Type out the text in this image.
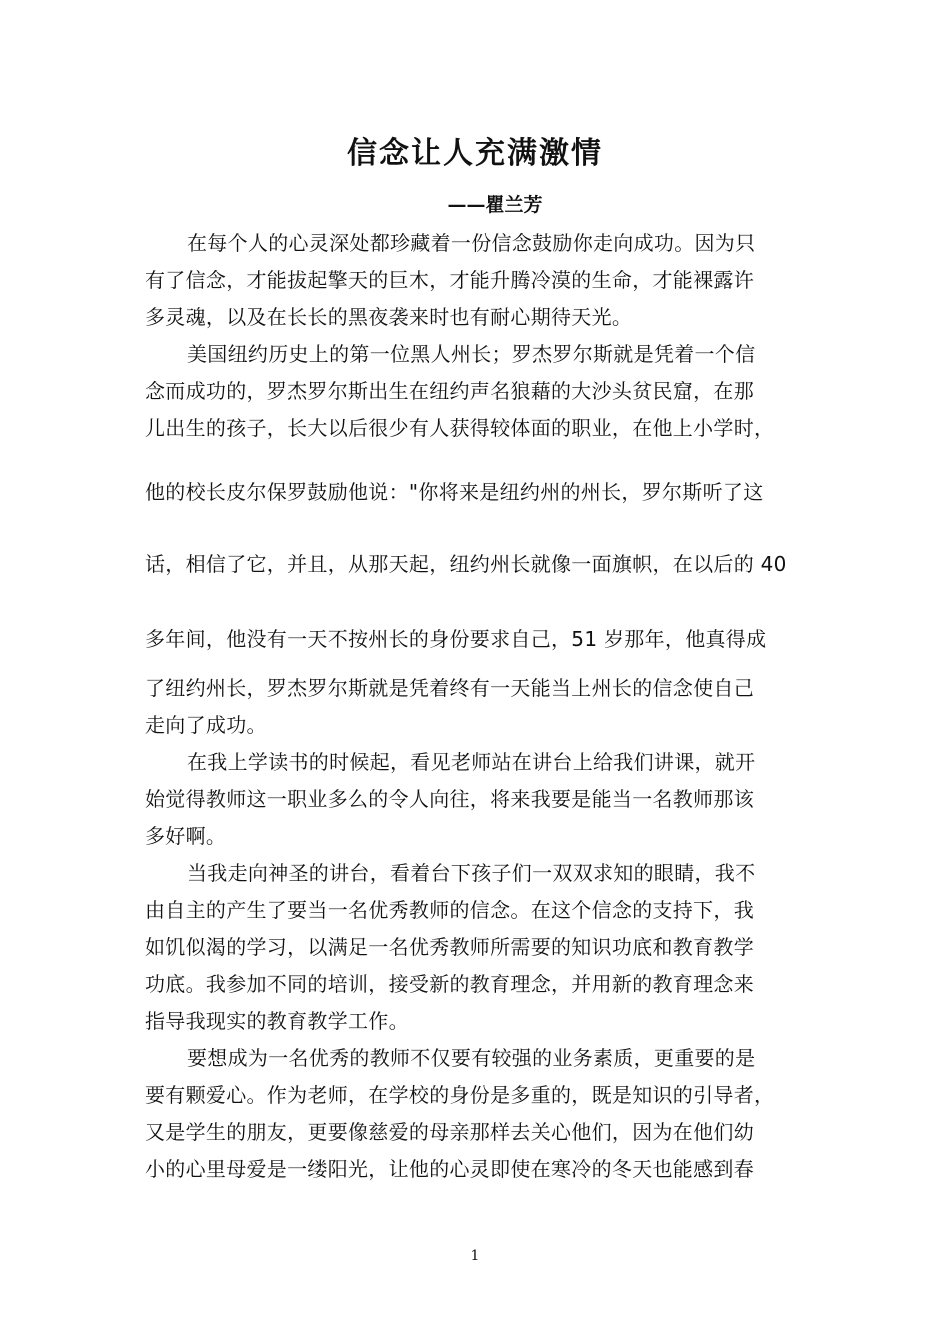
信念让人充满激情
——瞿兰芳
在每个人的心灵深处都珍藏着一份信念鼓励你走向成功。因为只
有了信念，才能拔起擎天的巨木，才能升腾冷漠的生命，才能裸露许
多灵魂，以及在长长的黑夜袭来时也有耐心期待天光。
美国纽约历史上的第一位黑人州长；罗杰罗尔斯就是凭着一个信
念而成功的，罗杰罗尔斯出生在纽约声名狼藉的大沙头贫民窟，在那
儿出生的孩子，长大以后很少有人获得较体面的职业，在他上小学时，
他的校长皮尔保罗鼓励他说："你将来是纽约州的州长，罗尔斯听了这
话，相信了它，并且，从那天起，纽约州长就像一面旗帜，在以后的 40
多年间，他没有一天不按州长的身份要求自己，51 岁那年，他真得成
了纽约州长，罗杰罗尔斯就是凭着终有一天能当上州长的信念使自己
走向了成功。
在我上学读书的时候起，看见老师站在讲台上给我们讲课，就开
始觉得教师这一职业多么的令人向往，将来我要是能当一名教师那该
多好啊。
当我走向神圣的讲台，看着台下孩子们一双双求知的眼睛，我不
由自主的产生了要当一名优秀教师的信念。在这个信念的支持下，我
如饥似渴的学习，以满足一名优秀教师所需要的知识功底和教育教学
功底。我参加不同的培训，接受新的教育理念，并用新的教育理念来
指导我现实的教育教学工作。
要想成为一名优秀的教师不仅要有较强的业务素质，更重要的是
要有颗爱心。作为老师，在学校的身份是多重的，既是知识的引导者，
又是学生的朋友，更要像慈爱的母亲那样去关心他们，因为在他们幼
小的心里母爱是一缕阳光，让他的心灵即使在寒冷的冬天也能感到春
1
